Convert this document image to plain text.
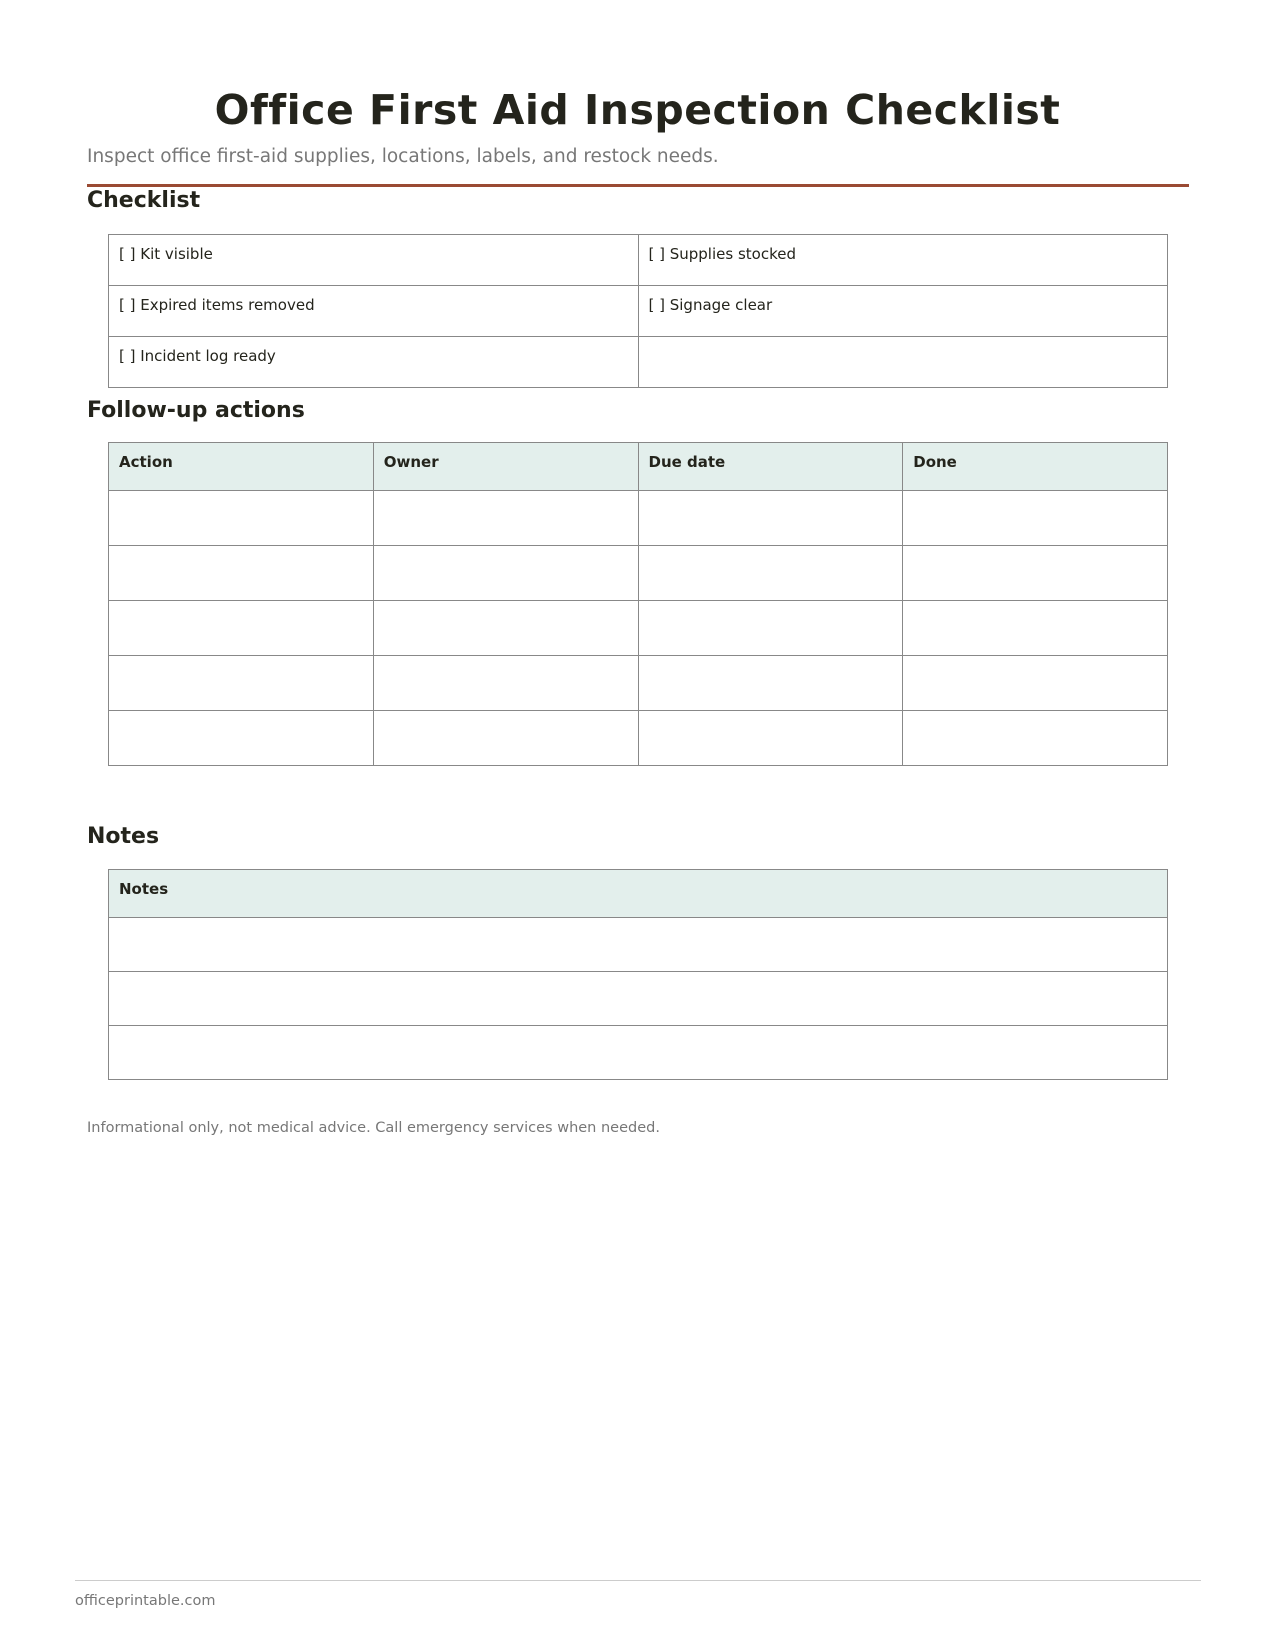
Office First Aid Inspection Checklist

Inspect office first-aid supplies, locations, labels, and restock needs.

Checklist
[ ] Kit visible	[ ] Supplies stocked
[ ] Expired items removed	[ ] Signage clear
[ ] Incident log ready	
Follow-up actions
Action	Owner	Due date	Done

Notes
Notes

Informational only, not medical advice. Call emergency services when needed.

officeprintable.com
